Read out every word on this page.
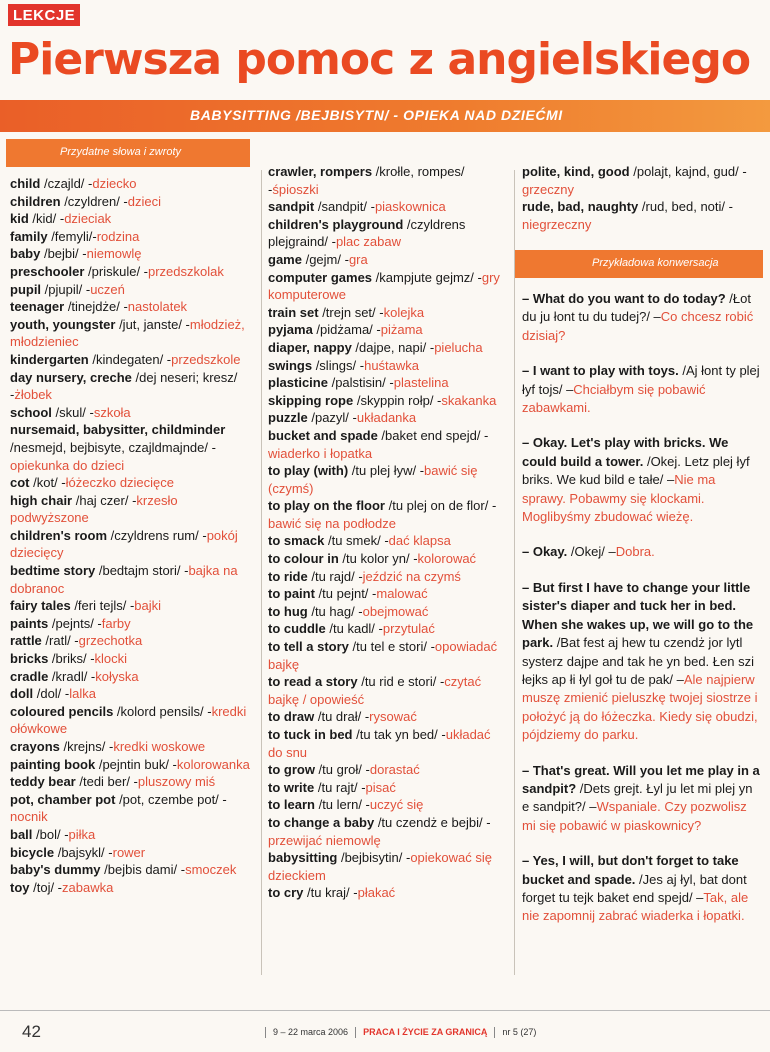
LEKCJE
Pierwsza pomoc z angielskiego
BABYSITTING /BEJBISYTN/ - OPIEKA NAD DZIEĆMI
Przydatne słowa i zwroty
child /czajld/ -dziecko
children /czyldren/ -dzieci
kid /kid/ -dzieciak
family /femyli/-rodzina
baby /bejbi/ -niemowlę
preschooler /priskule/ -przedszkolak
pupil /pjupil/ -uczeń
teenager /tinejdże/ -nastolatek
youth, youngster /jut, janste/ -młodzież, młodzieniec
kindergarten /kindegaten/ -przedszkole
day nursery, creche /dej neseri; kresz/ -żłobek
school /skul/ -szkoła
nursemaid, babysitter, childminder /nesmejd, bejbisyte, czajldmajnde/ -opiekunka do dzieci
cot /kot/ -łóżeczko dziecięce
high chair /haj czer/ -krzesło podwyższone
children's room /czyldrens rum/ -pokój dziecięcy
bedtime story /bedtajm stori/ -bajka na dobranoc
fairy tales /feri tejls/ -bajki
paints /pejnts/ -farby
rattle /ratl/ -grzechotka
bricks /briks/ -klocki
cradle /kradl/ -kołyska
doll /dol/ -lalka
coloured pencils /kolord pensils/ -kredki ołówkowe
crayons /krejns/ -kredki woskowe
painting book /pejntin buk/ -kolorowanka
teddy bear /tedi ber/ -pluszowy miś
pot, chamber pot /pot, czembe pot/ -nocnik
ball /bol/ -piłka
bicycle /bajsykl/ -rower
baby's dummy /bejbis dami/ -smoczek
toy /toj/ -zabawka
crawler, rompers /krołle, rompes/ -śpioszki
sandpit /sandpit/ -piaskownica
children's playground /czyldrens plejgraind/ -plac zabaw
game /gejm/ -gra
computer games /kampjute gejmz/ -gry komputerowe
train set /trejn set/ -kolejka
pyjama /pidżama/ -piżama
diaper, nappy /dajpe, napi/ -pielucha
swings /slings/ -huśtawka
plasticine /palstisin/ -plastelina
skipping rope /skyppin rołp/ -skakanka
puzzle /pazyl/ -układanka
bucket and spade /baket end spejd/ -wiaderko i łopatka
to play (with) /tu plej ływ/ -bawić się (czymś)
to play on the floor /tu plej on de flor/ -bawić się na podłodze
to smack /tu smek/ -dać klapsa
to colour in /tu kolor yn/ -kolorować
to ride /tu rajd/ -jeździć na czymś
to paint /tu pejnt/ -malować
to hug /tu hag/ -obejmować
to cuddle /tu kadl/ -przytulać
to tell a story /tu tel e stori/ -opowiadać bajkę
to read a story /tu rid e stori/ -czytać bajkę / opowieść
to draw /tu drał/ -rysować
to tuck in bed /tu tak yn bed/ -układać do snu
to grow /tu groł/ -dorastać
to write /tu rajt/ -pisać
to learn /tu lern/ -uczyć się
to change a baby /tu czendż e bejbi/ -przewijać niemowlę
babysitting /bejbisytin/ -opiekować się dzieckiem
to cry /tu kraj/ -płakać
polite, kind, good /polajt, kajnd, gud/ -grzeczny
rude, bad, naughty /rud, bed, noti/ -niegrzeczny
Przykładowa konwersacja

– What do you want to do today? /Łot du ju łont tu du tudej?/ –Co chcesz robić dzisiaj?

– I want to play with toys. /Aj łont ty plej łyf tojs/ –Chciałbym się pobawić zabawkami.

– Okay. Let's play with bricks. We could build a tower. /Okej. Letz plej łyf briks. We kud bild e tałe/ –Nie ma sprawy. Pobawmy się klockami. Moglibyśmy zbudować wieżę.

– Okay. /Okej/ –Dobra.

– But first I have to change your little sister's diaper and tuck her in bed. When she wakes up, we will go to the park. /Bat fest aj hew tu czendż jor lytl systerz dajpe and tak he yn bed. Łen szi łejks ap łi łyl goł tu de pak/ –Ale najpierw muszę zmienić pieluszkę twojej siostrze i położyć ją do łóżeczka. Kiedy się obudzi, pójdziemy do parku.

– That's great. Will you let me play in a sandpit? /Dets grejt. Łyl ju let mi plej yn e sandpit?/ –Wspaniale. Czy pozwolisz mi się pobawić w piaskownicy?

– Yes, I will, but don't forget to take bucket and spade. /Jes aj łyl, bat dont forget tu tejk baket end spejd/ –Tak, ale nie zapomnij zabrać wiaderka i łopatki.

42	9 – 22 marca 2006 PRACA I ŻYCIE ZA GRANICĄ nr 5 (27)
